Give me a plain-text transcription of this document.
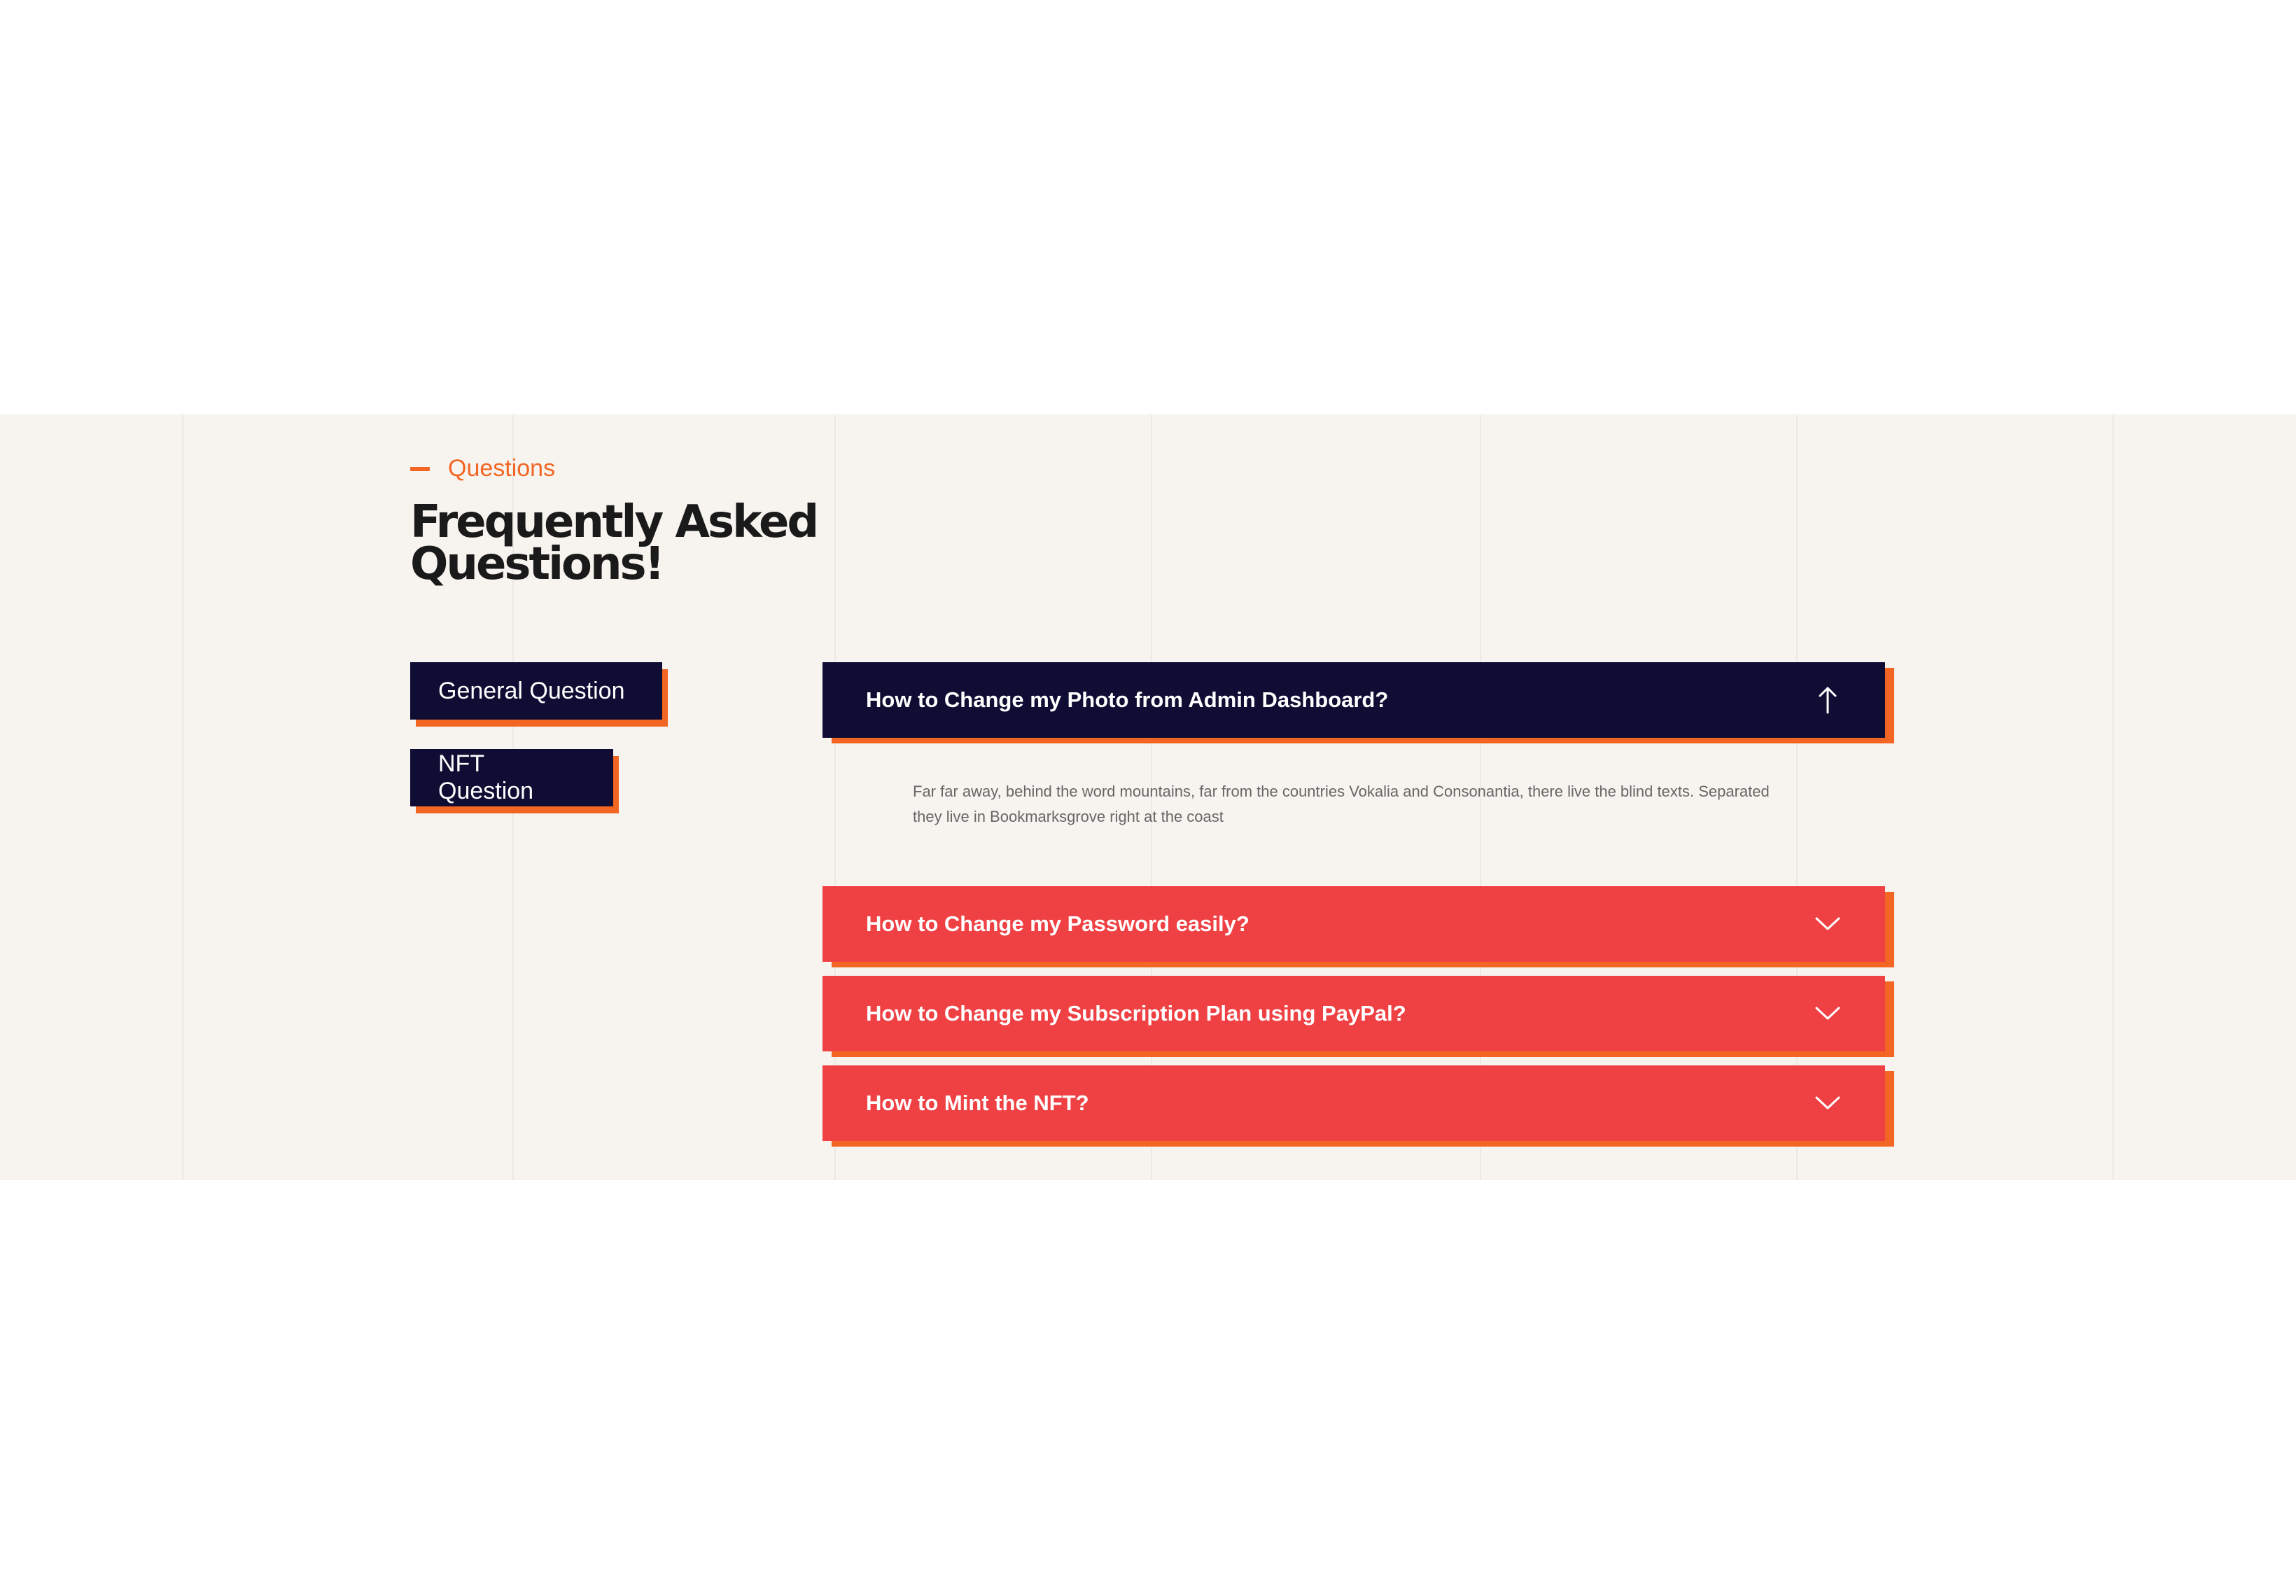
Questions
Frequently Asked Questions!
General Question
NFT Question
How to Change my Photo from Admin Dashboard?

Far far away, behind the word mountains, far from the countries Vokalia and Consonantia, there live the blind texts. Separated they live in Bookmarksgrove right at the coast

How to Change my Password easily?
How to Change my Subscription Plan using PayPal?
How to Mint the NFT?
